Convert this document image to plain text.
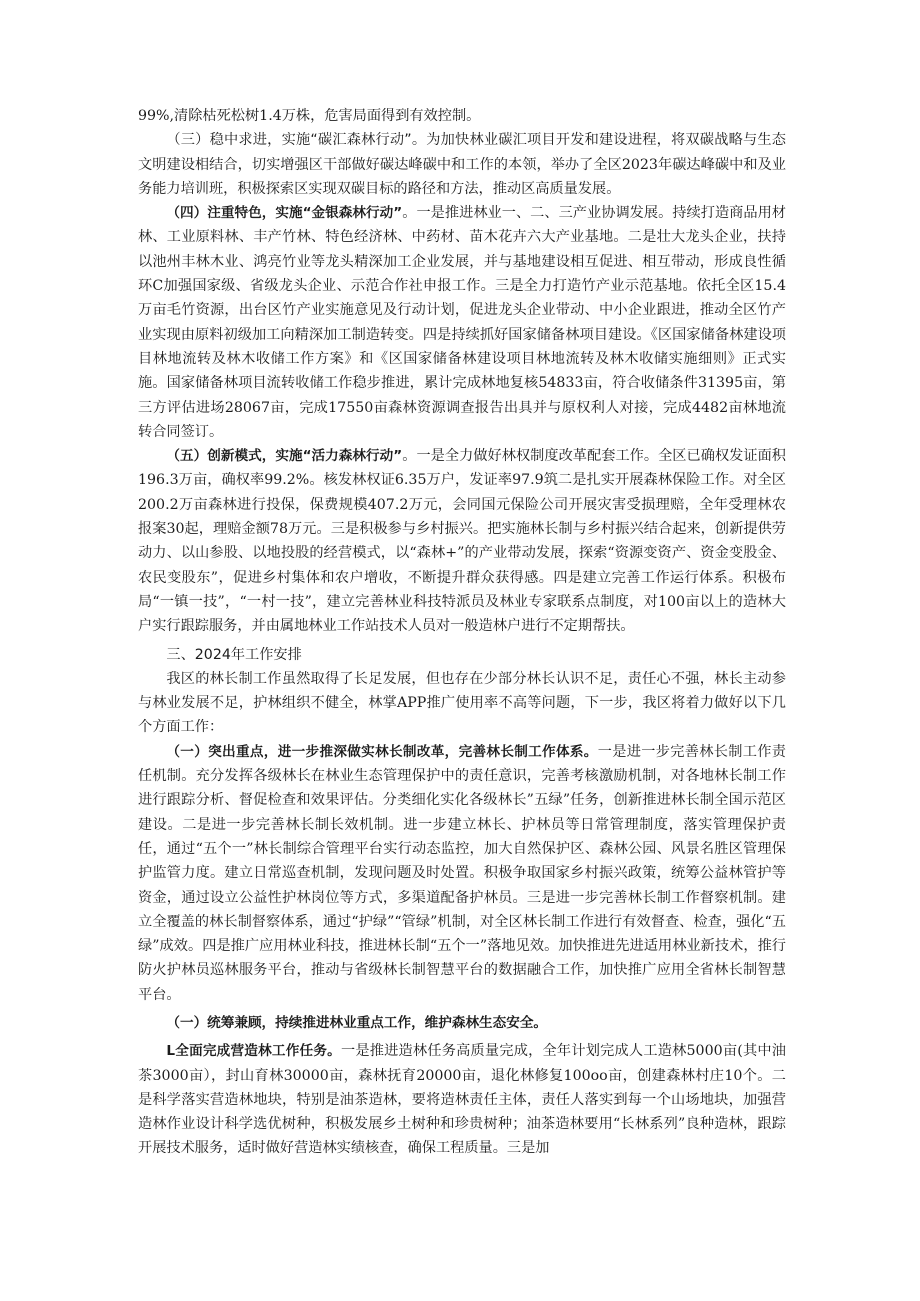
99%,清除枯死松树1.4万株，危害局面得到有效控制。

（三）稳中求进，实施“碳汇森林行动”。为加快林业碳汇项目开发和建设进程，将双碳战略与生态文明建设相结合，切实增强区干部做好碳达峰碳中和工作的本领，举办了全区2023年碳达峰碳中和及业务能力培训班，积极探索区实现双碳目标的路径和方法，推动区高质量发展。

（四）注重特色，实施“金银森林行动”。一是推进林业一、二、三产业协调发展。持续打造商品用材林、工业原料林、丰产竹林、特色经济林、中药材、苗木花卉六大产业基地。二是壮大龙头企业，扶持以池州丰林木业、鸿亮竹业等龙头精深加工企业发展，并与基地建设相互促进、相互带动，形成良性循环C加强国家级、省级龙头企业、示范合作社申报工作。三是全力打造竹产业示范基地。依托全区15.4万亩毛竹资源，出台区竹产业实施意见及行动计划，促进龙头企业带动、中小企业跟进，推动全区竹产业实现由原料初级加工向精深加工制造转变。四是持续抓好国家储备林项目建设。《区国家储备林建设项目林地流转及林木收储工作方案》和《区国家储备林建设项目林地流转及林木收储实施细则》正式实施。国家储备林项目流转收储工作稳步推进，累计完成林地复核54833亩，符合收储条件31395亩，第三方评估进场28067亩，完成17550亩森林资源调查报告出具并与原权利人对接，完成4482亩林地流转合同签订。

（五）创新模式，实施“活力森林行动”。一是全力做好林权制度改革配套工作。全区已确权发证面积196.3万亩，确权率99.2%。核发林权证6.35万户，发证率97.9筑二是扎实开展森林保险工作。对全区200.2万亩森林进行投保，保费规模407.2万元，会同国元保险公司开展灾害受损理赔，全年受理林农报案30起，理赔金额78万元。三是积极参与乡村振兴。把实施林长制与乡村振兴结合起来，创新提供劳动力、以山参股、以地投股的经营模式，以“森林+”的产业带动发展，探索“资源变资产、资金变股金、农民变股东”，促进乡村集体和农户增收，不断提升群众获得感。四是建立完善工作运行体系。积极布局“一镇一技”，“一村一技”，建立完善林业科技特派员及林业专家联系点制度，对100亩以上的造林大户实行跟踪服务，并由属地林业工作站技术人员对一般造林户进行不定期帮扶。

三、2024年工作安排

我区的林长制工作虽然取得了长足发展，但也存在少部分林长认识不足，责任心不强，林长主动参与林业发展不足，护林组织不健全，林掌APP推广使用率不高等问题，下一步，我区将着力做好以下几个方面工作：

（一）突出重点，进一步推深做实林长制改革，完善林长制工作体系。一是进一步完善林长制工作责任机制。充分发挥各级林长在林业生态管理保护中的责任意识，完善考核激励机制，对各地林长制工作进行跟踪分析、督促检查和效果评估。分类细化实化各级林长”五绿”任务，创新推进林长制全国示范区建设。二是进一步完善林长制长效机制。进一步建立林长、护林员等日常管理制度，落实管理保护责任，通过“五个一”林长制综合管理平台实行动态监控，加大自然保护区、森林公园、风景名胜区管理保护监管力度。建立日常巡查机制，发现问题及时处置。积极争取国家乡村振兴政策，统筹公益林管护等资金，通过设立公益性护林岗位等方式，多渠道配备护林员。三是进一步完善林长制工作督察机制。建立全覆盖的林长制督察体系，通过“护绿”“管绿”机制，对全区林长制工作进行有效督查、检查，强化“五绿”成效。四是推广应用林业科技，推进林长制“五个一”落地见效。加快推进先进适用林业新技术，推行防火护林员巡林服务平台，推动与省级林长制智慧平台的数据融合工作，加快推广应用全省林长制智慧平台。

（一）统筹兼顾，持续推进林业重点工作，维护森林生态安全。

L全面完成营造林工作任务。一是推进造林任务高质量完成，全年计划完成人工造林5000亩(其中油茶3000亩），封山育林30000亩，森林抚育20000亩，退化林修复100oo亩，创建森林村庄10个。二是科学落实营造林地块，特别是油茶造林，要将造林责任主体，责任人落实到每一个山场地块，加强营造林作业设计科学选优树种，积极发展乡土树种和珍贵树种；油茶造林要用“长林系列”良种造林，跟踪开展技术服务，适时做好营造林实绩核查，确保工程质量。三是加
